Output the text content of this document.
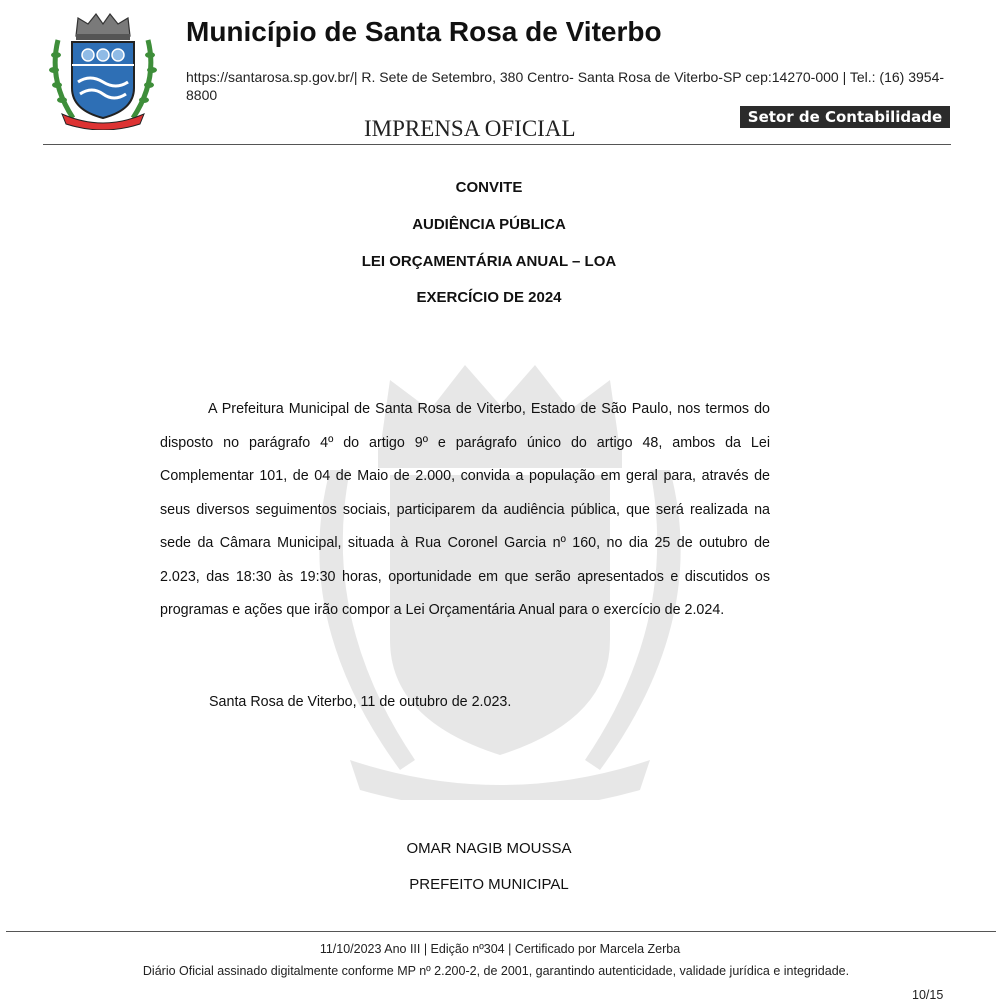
Município de Santa Rosa de Viterbo
https://santarosa.sp.gov.br/| R. Sete de Setembro, 380 Centro- Santa Rosa de Viterbo-SP cep:14270-000 | Tel.: (16) 3954-8800
IMPRENSA OFICIAL	Setor de Contabilidade
CONVITE
AUDIÊNCIA PÚBLICA
LEI ORÇAMENTÁRIA ANUAL – LOA
EXERCÍCIO DE 2024
A Prefeitura Municipal de Santa Rosa de Viterbo, Estado de São Paulo, nos termos do disposto no parágrafo 4º do artigo 9º e parágrafo único do artigo 48, ambos da Lei Complementar 101, de 04 de Maio de 2.000, convida a população em geral para, através de seus diversos seguimentos sociais, participarem da audiência pública, que será realizada na sede da Câmara Municipal, situada à Rua Coronel Garcia nº 160, no dia 25 de outubro de 2.023, das 18:30 às 19:30 horas, oportunidade em que serão apresentados e discutidos os programas e ações que irão compor a Lei Orçamentária Anual para o exercício de 2.024.
Santa Rosa de Viterbo, 11 de outubro de 2.023.
OMAR NAGIB MOUSSA
PREFEITO MUNICIPAL
11/10/2023 Ano III | Edição nº304 | Certificado por Marcela Zerba
Diário Oficial assinado digitalmente conforme MP nº 2.200-2, de 2001, garantindo autenticidade, validade jurídica e integridade.
10/15
